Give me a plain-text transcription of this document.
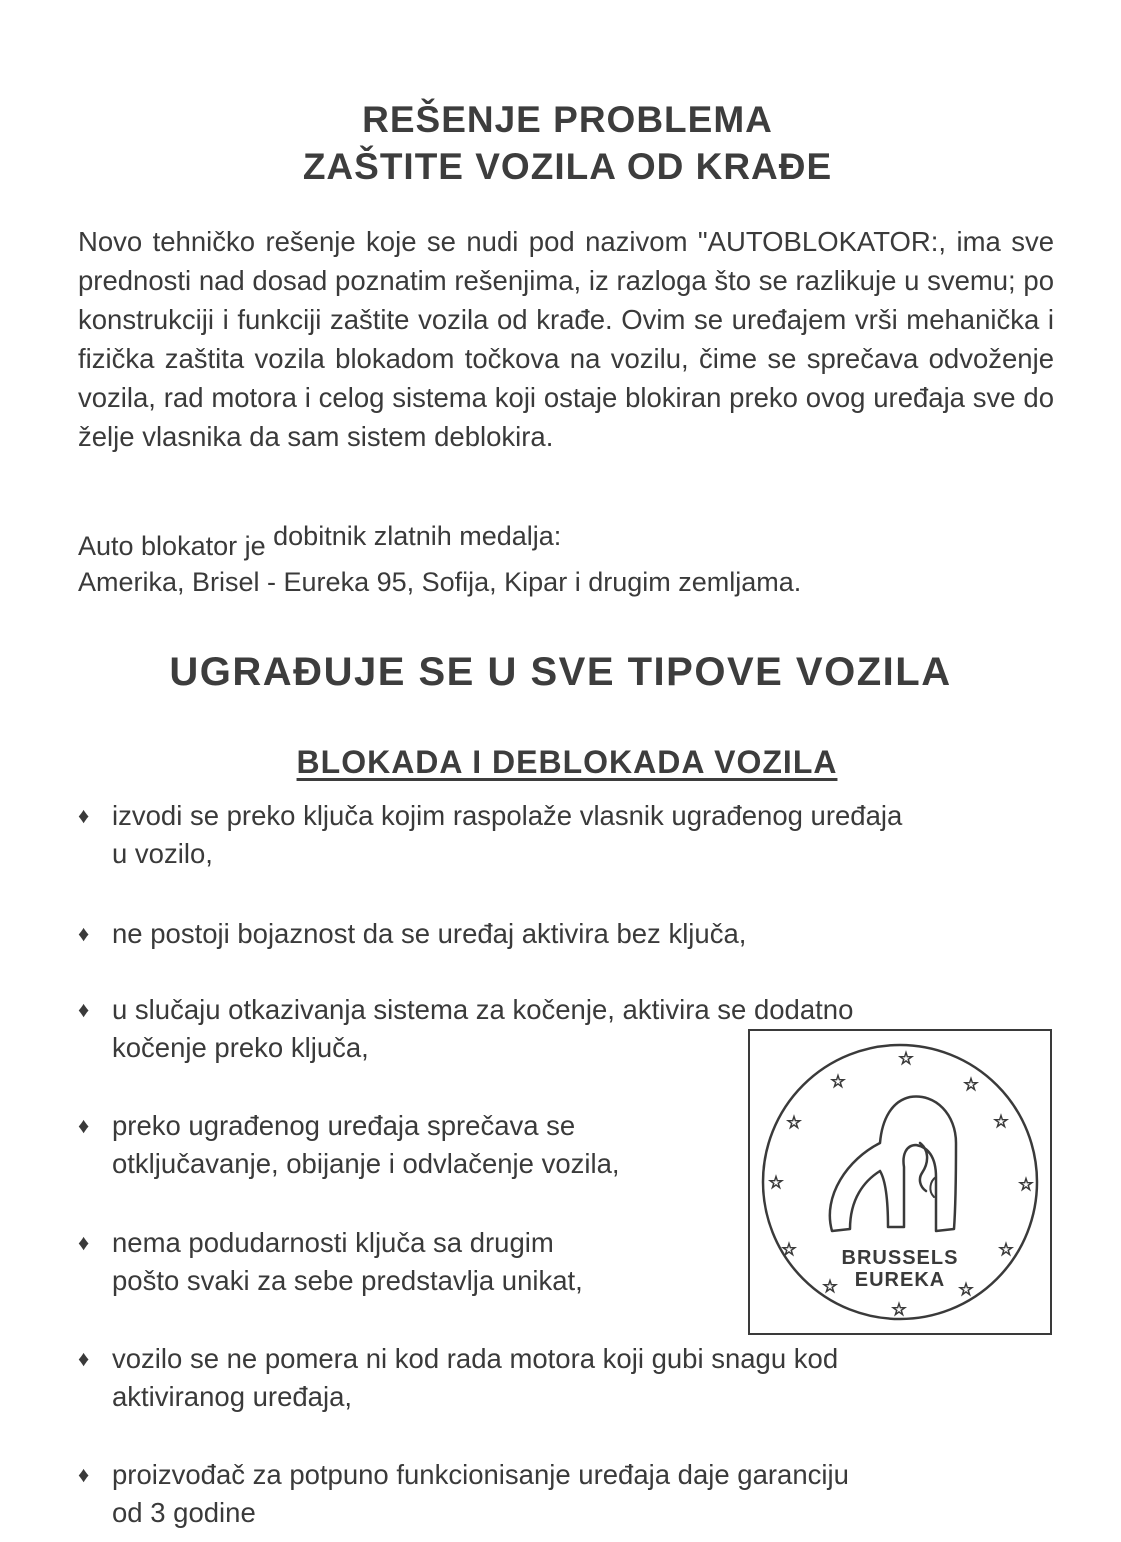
REŠENJE PROBLEMA
ZAŠTITE VOZILA OD KRAĐE

Novo tehničko rešenje koje se nudi pod nazivom "AUTOBLOKATOR:, ima sve prednosti nad dosad poznatim rešenjima, iz razloga što se razlikuje u svemu; po konstrukciji i funkciji zaštite vozila od krađe. Ovim se uređajem vrši mehanička i fizička zaštita vozila blokadom točkova na vozilu, čime se sprečava odvoženje vozila, rad motora i celog sistema koji ostaje blokiran preko ovog uređaja sve do želje vlasnika da sam sistem deblokira.

Auto blokator je dobitnik zlatnih medalja:
Amerika, Brisel - Eureka 95, Sofija, Kipar i drugim zemljama.
UGRAĐUJE SE U SVE TIPOVE VOZILA
BLOKADA I DEBLOKADA VOZILA
♦ izvodi se preko ključa kojim raspolaže vlasnik ugrađenog uređaja
u vozilo,
♦ ne postoji bojaznost da se uređaj aktivira bez ključa,
♦ u slučaju otkazivanja sistema za kočenje, aktivira se dodatno
kočenje preko ključa,
♦ preko ugrađenog uređaja sprečava se
otključavanje, obijanje i odvlačenje vozila,
♦ nema podudarnosti ključa sa drugim
pošto svaki za sebe predstavlja unikat,
♦ vozilo se ne pomera ni kod rada motora koji gubi snagu kod
aktiviranog uređaja,
♦ proizvođač za potpuno funkcionisanje uređaja daje garanciju
od 3 godine
☆
☆	☆
☆	☆
☆	☆
☆	☆
☆	☆
☆
BRUSSELS
EUREKA
